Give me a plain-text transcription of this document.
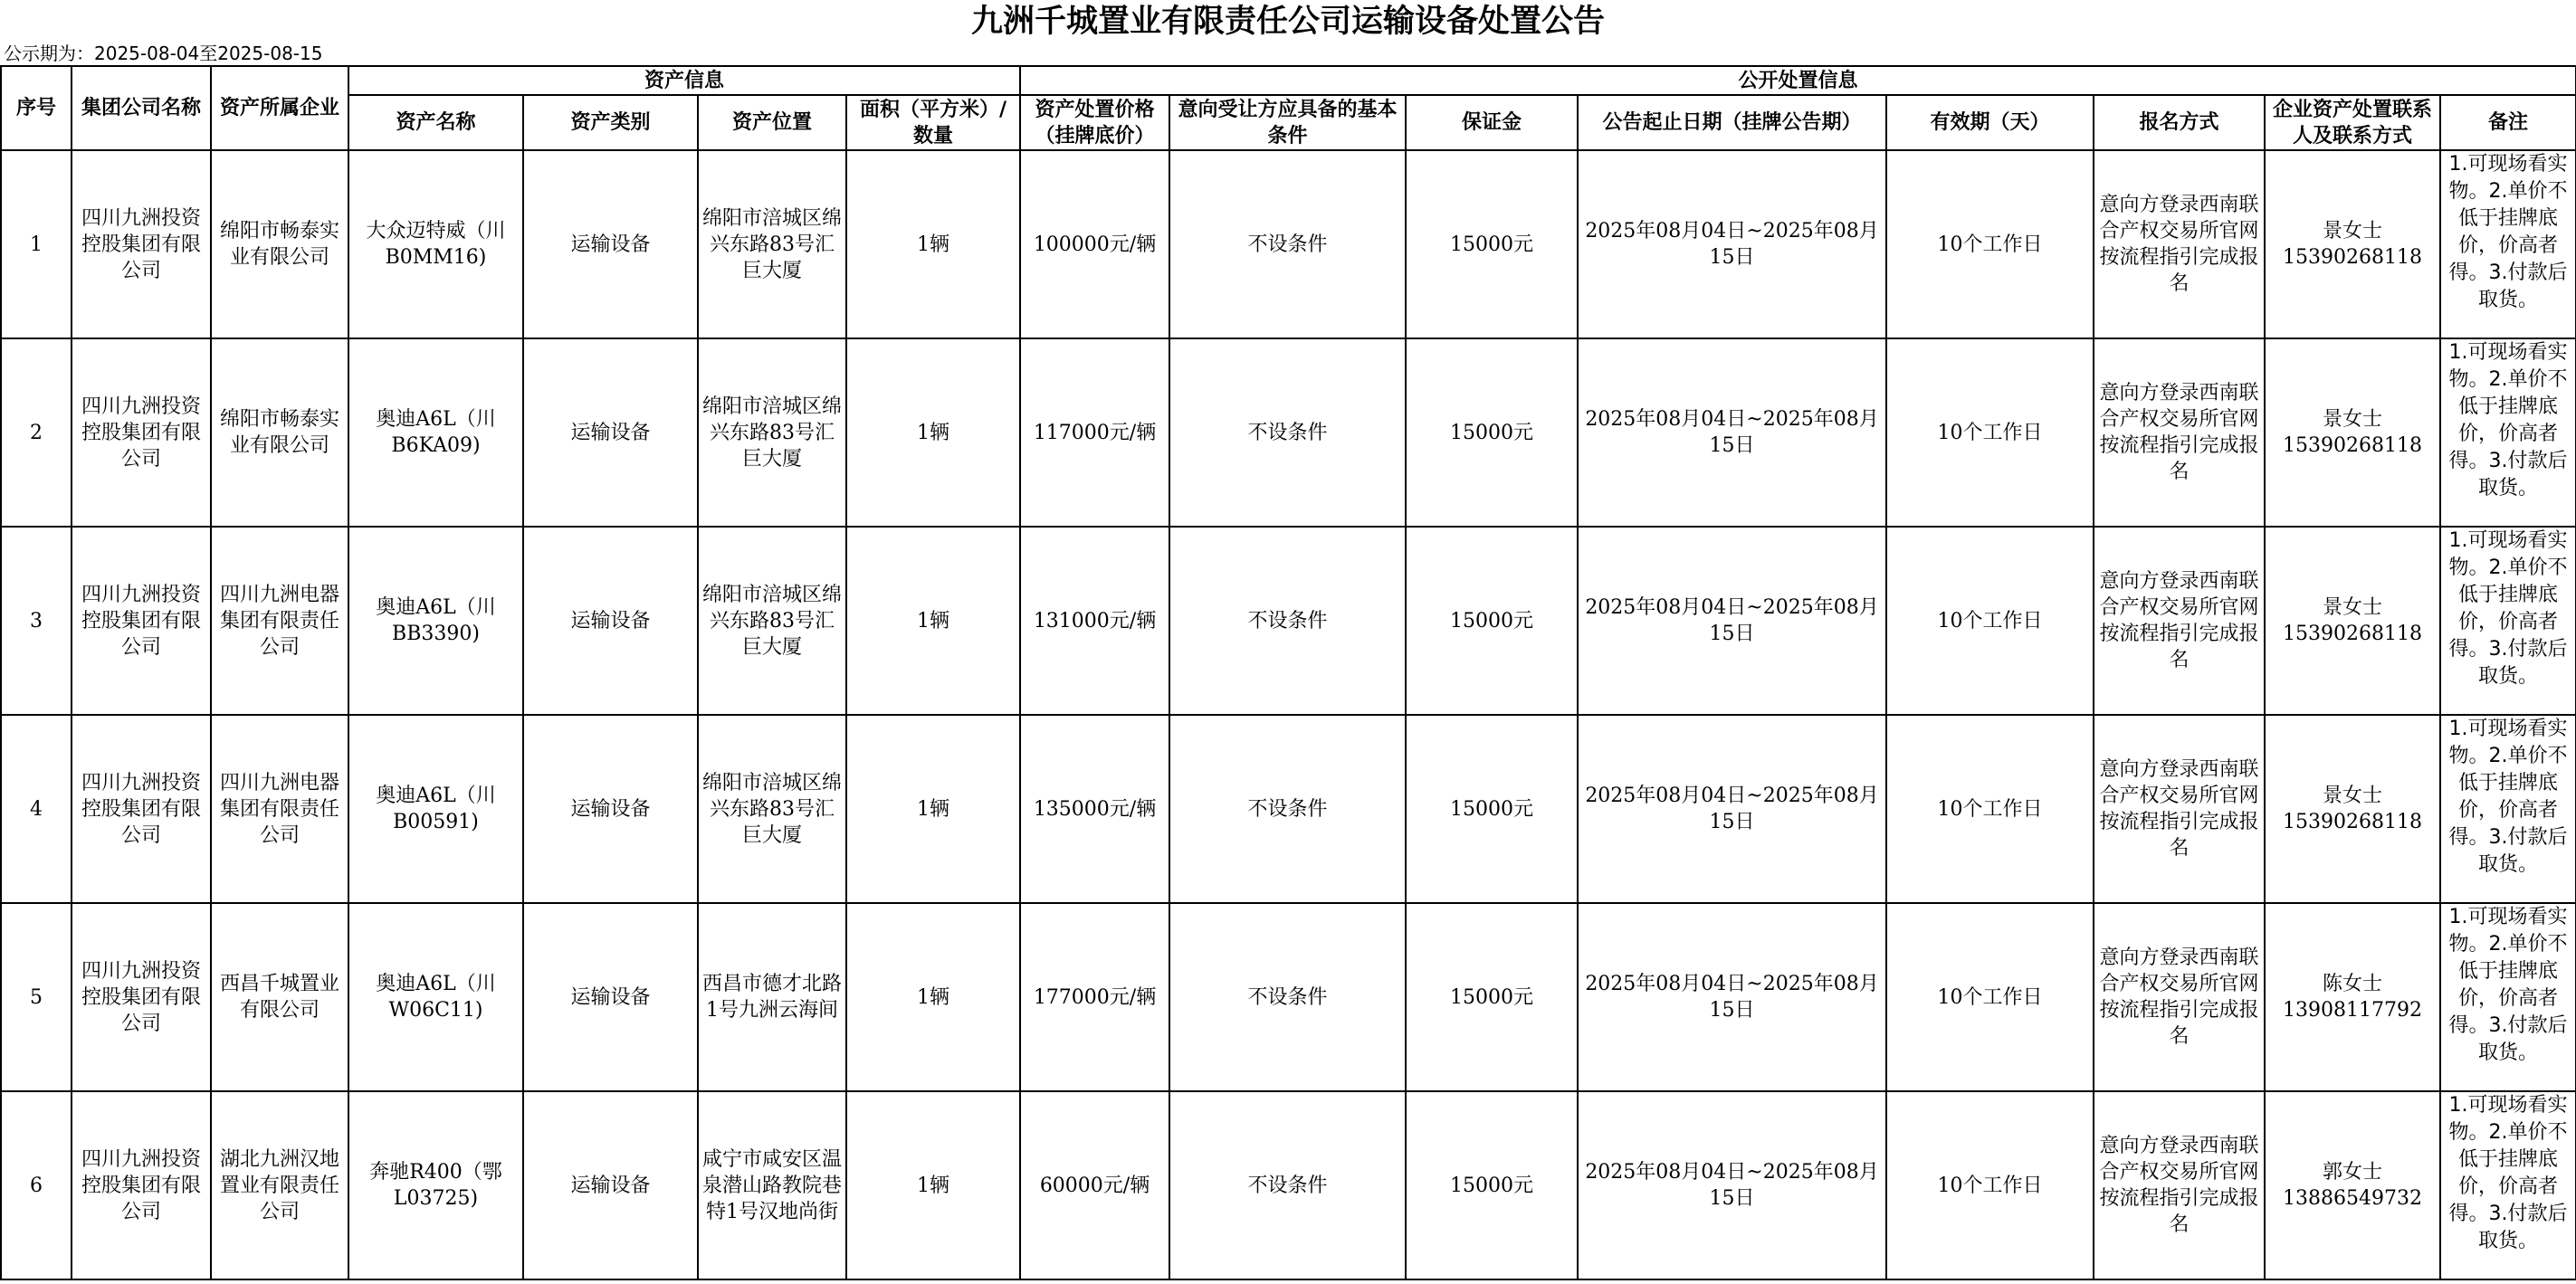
九洲千城置业有限责任公司运输设备处置公告
公示期为：2025-08-04至2025-08-15
序号	集团公司名称	资产所属企业	资产信息				公开处置信息							
			资产名称	资产类别	资产位置	面积（平方米）/数量	资产处置价格（挂牌底价）	意向受让方应具备的基本条件	保证金	公告起止日期（挂牌公告期）	有效期（天）	报名方式	企业资产处置联系人及联系方式	备注
1	四川九洲投资控股集团有限公司	绵阳市畅泰实业有限公司	大众迈特威（川B0MM16)	运输设备	绵阳市涪城区绵兴东路83号汇巨大厦	1辆	100000元/辆	不设条件	15000元	2025年08月04日~2025年08月15日	10个工作日	意向方登录西南联合产权交易所官网按流程指引完成报名	景女士15390268118	1.可现场看实物。2.单价不低于挂牌底价，价高者得。3.付款后取货。

2	四川九洲投资控股集团有限公司	绵阳市畅泰实业有限公司	奥迪A6L（川B6KA09)	运输设备	绵阳市涪城区绵兴东路83号汇巨大厦	1辆	117000元/辆	不设条件	15000元	2025年08月04日~2025年08月15日	10个工作日	意向方登录西南联合产权交易所官网按流程指引完成报名	景女士15390268118	1.可现场看实物。2.单价不低于挂牌底价，价高者得。3.付款后取货。

3	四川九洲投资控股集团有限公司	四川九洲电器集团有限责任公司	奥迪A6L（川BB3390)	运输设备	绵阳市涪城区绵兴东路83号汇巨大厦	1辆	131000元/辆	不设条件	15000元	2025年08月04日~2025年08月15日	10个工作日	意向方登录西南联合产权交易所官网按流程指引完成报名	景女士15390268118	1.可现场看实物。2.单价不低于挂牌底价，价高者得。3.付款后取货。

4	四川九洲投资控股集团有限公司	四川九洲电器集团有限责任公司	奥迪A6L（川B00591)	运输设备	绵阳市涪城区绵兴东路83号汇巨大厦	1辆	135000元/辆	不设条件	15000元	2025年08月04日~2025年08月15日	10个工作日	意向方登录西南联合产权交易所官网按流程指引完成报名	景女士15390268118	1.可现场看实物。2.单价不低于挂牌底价，价高者得。3.付款后取货。

5	四川九洲投资控股集团有限公司	西昌千城置业有限公司	奥迪A6L（川W06C11)	运输设备	西昌市德才北路1号九洲云海间	1辆	177000元/辆	不设条件	15000元	2025年08月04日~2025年08月15日	10个工作日	意向方登录西南联合产权交易所官网按流程指引完成报名	陈女士13908117792	1.可现场看实物。2.单价不低于挂牌底价，价高者得。3.付款后取货。

6	四川九洲投资控股集团有限公司	湖北九洲汉地置业有限责任公司	奔驰R400（鄂L03725)	运输设备	咸宁市咸安区温泉潜山路教院巷特1号汉地尚街	1辆	60000元/辆	不设条件	15000元	2025年08月04日~2025年08月15日	10个工作日	意向方登录西南联合产权交易所官网按流程指引完成报名	郭女士13886549732	1.可现场看实物。2.单价不低于挂牌底价，价高者得。3.付款后取货。
